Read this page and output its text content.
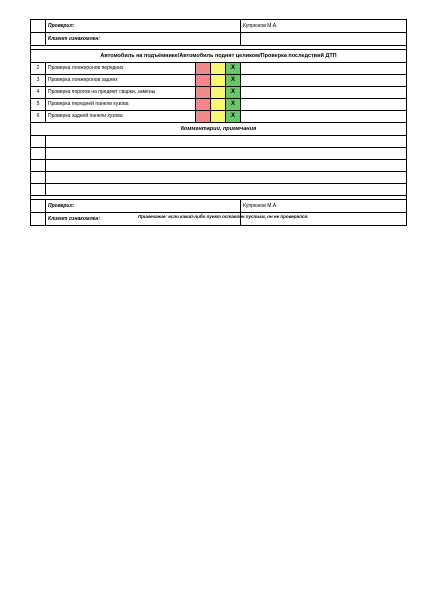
	Проверил:				Купрюнов М.А.
	Клиент ознакомлен:				

Автомобиль на подъёмнике/Автомобиль поднят целиком/Проверка последствий ДТП					
2	Проверка лонжеронов передних			X	
3	Проверка лонжеронов задних			X	
4	Проверка порогов на предмет сварки, замены			X	
5	Проверка передней панели кузова			X	
6	Проверка задней панели кузова			X	
Комментарии, примечания					

	Проверил:				Купрюнов М.А.
	Клиент ознакомлен:					Примечание: если какой-либо пункт оставлен пустым, он не проверялся.
